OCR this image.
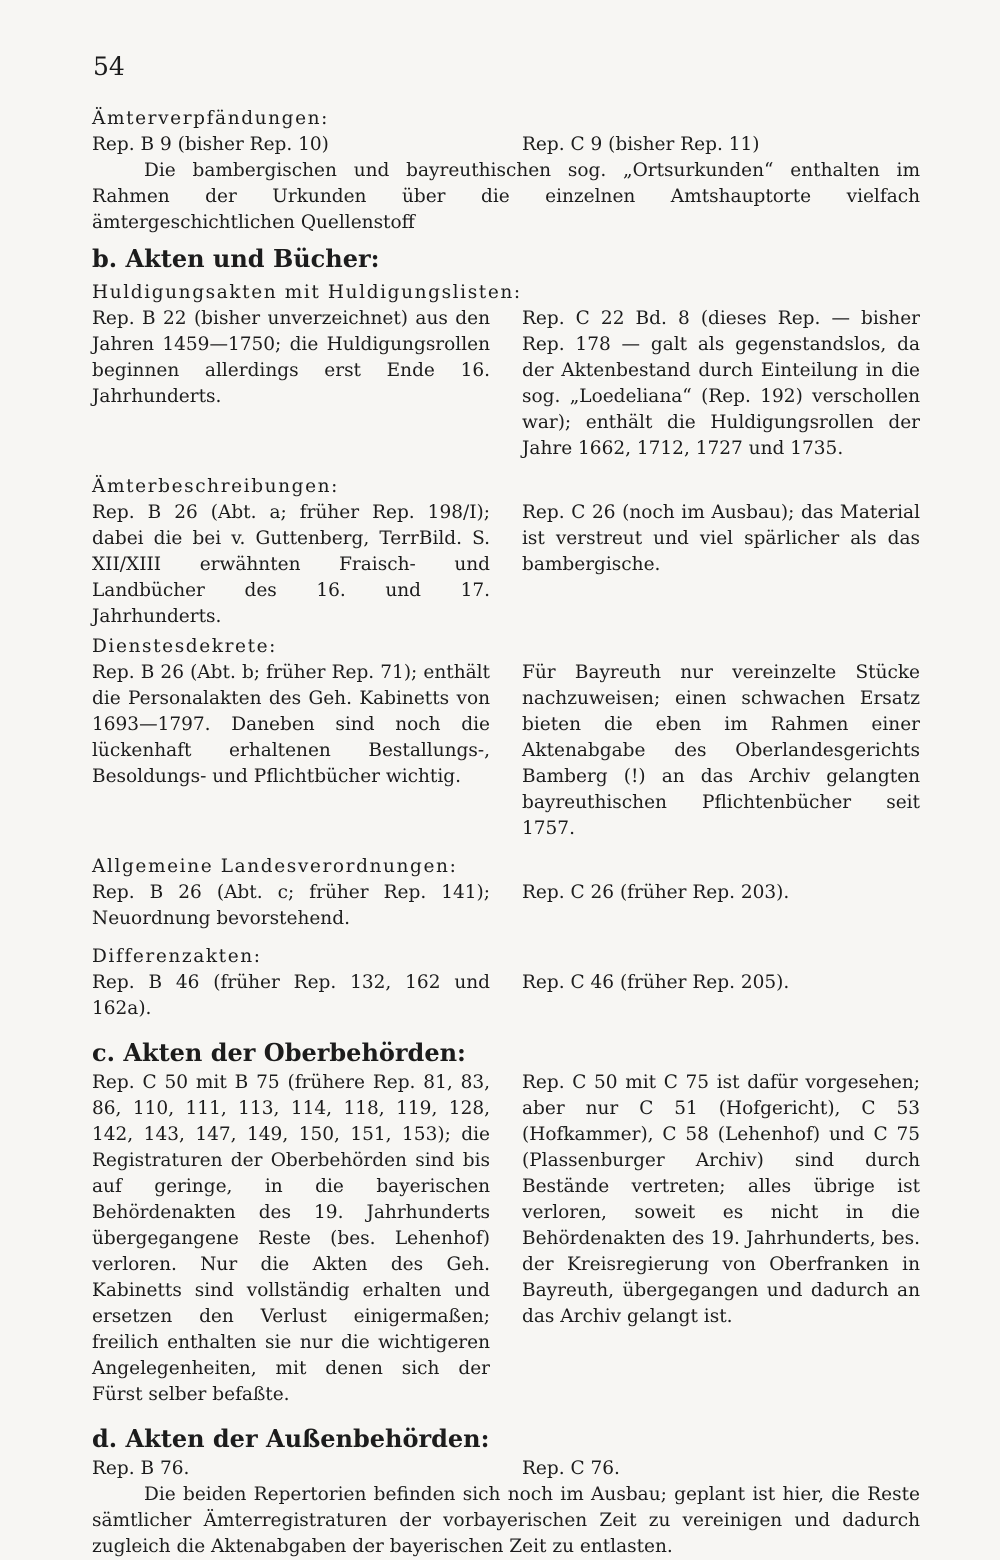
54
Ämterverpfändungen:
Rep. B 9 (bisher Rep. 10)	Rep. C 9 (bisher Rep. 11)
Die bambergischen und bayreuthischen sog. „Ortsurkunden“ enthalten im Rahmen der Urkunden über die einzelnen Amtshauptorte vielfach ämtergeschichtlichen Quellenstoff
b. Akten und Bücher:
Huldigungsakten mit Huldigungslisten:
Rep. B 22 (bisher unverzeichnet) aus den Jahren 1459—1750; die Huldigungsrollen beginnen allerdings erst Ende 16. Jahrhunderts.
Rep. C 22 Bd. 8 (dieses Rep. — bisher Rep. 178 — galt als gegenstandslos, da der Aktenbestand durch Einteilung in die sog. „Loedeliana“ (Rep. 192) verschollen war); enthält die Huldigungsrollen der Jahre 1662, 1712, 1727 und 1735.
Ämterbeschreibungen:
Rep. B 26 (Abt. a; früher Rep. 198/I); dabei die bei v. Guttenberg, TerrBild. S. XII/XIII erwähnten Fraisch- und Landbücher des 16. und 17. Jahrhunderts.
Rep. C 26 (noch im Ausbau); das Material ist verstreut und viel spärlicher als das bambergische.
Dienstesdekrete:
Rep. B 26 (Abt. b; früher Rep. 71); enthält die Personalakten des Geh. Kabinetts von 1693—1797. Daneben sind noch die lückenhaft erhaltenen Bestallungs-, Besoldungs- und Pflichtbücher wichtig.
Für Bayreuth nur vereinzelte Stücke nachzuweisen; einen schwachen Ersatz bieten die eben im Rahmen einer Aktenabgabe des Oberlandesgerichts Bamberg (!) an das Archiv gelangten bayreuthischen Pflichtenbücher seit 1757.
Allgemeine Landesverordnungen:
Rep. B 26 (Abt. c; früher Rep. 141); Neuordnung bevorstehend.
Rep. C 26 (früher Rep. 203).
Differenzakten:
Rep. B 46 (früher Rep. 132, 162 und 162a).
Rep. C 46 (früher Rep. 205).
c. Akten der Oberbehörden:
Rep. C 50 mit B 75 (frühere Rep. 81, 83, 86, 110, 111, 113, 114, 118, 119, 128, 142, 143, 147, 149, 150, 151, 153); die Registraturen der Oberbehörden sind bis auf geringe, in die bayerischen Behördenakten des 19. Jahrhunderts übergegangene Reste (bes. Lehenhof) verloren. Nur die Akten des Geh. Kabinetts sind vollständig erhalten und ersetzen den Verlust einigermaßen; freilich enthalten sie nur die wichtigeren Angelegenheiten, mit denen sich der Fürst selber befaßte.
Rep. C 50 mit C 75 ist dafür vorgesehen; aber nur C 51 (Hofgericht), C 53 (Hofkammer), C 58 (Lehenhof) und C 75 (Plassenburger Archiv) sind durch Bestände vertreten; alles übrige ist verloren, soweit es nicht in die Behördenakten des 19. Jahrhunderts, bes. der Kreisregierung von Oberfranken in Bayreuth, übergegangen und dadurch an das Archiv gelangt ist.
d. Akten der Außenbehörden:
Rep. B 76.	Rep. C 76.
Die beiden Repertorien befinden sich noch im Ausbau; geplant ist hier, die Reste sämtlicher Ämterregistraturen der vorbayerischen Zeit zu vereinigen und dadurch zugleich die Aktenabgaben der bayerischen Zeit zu entlasten.
